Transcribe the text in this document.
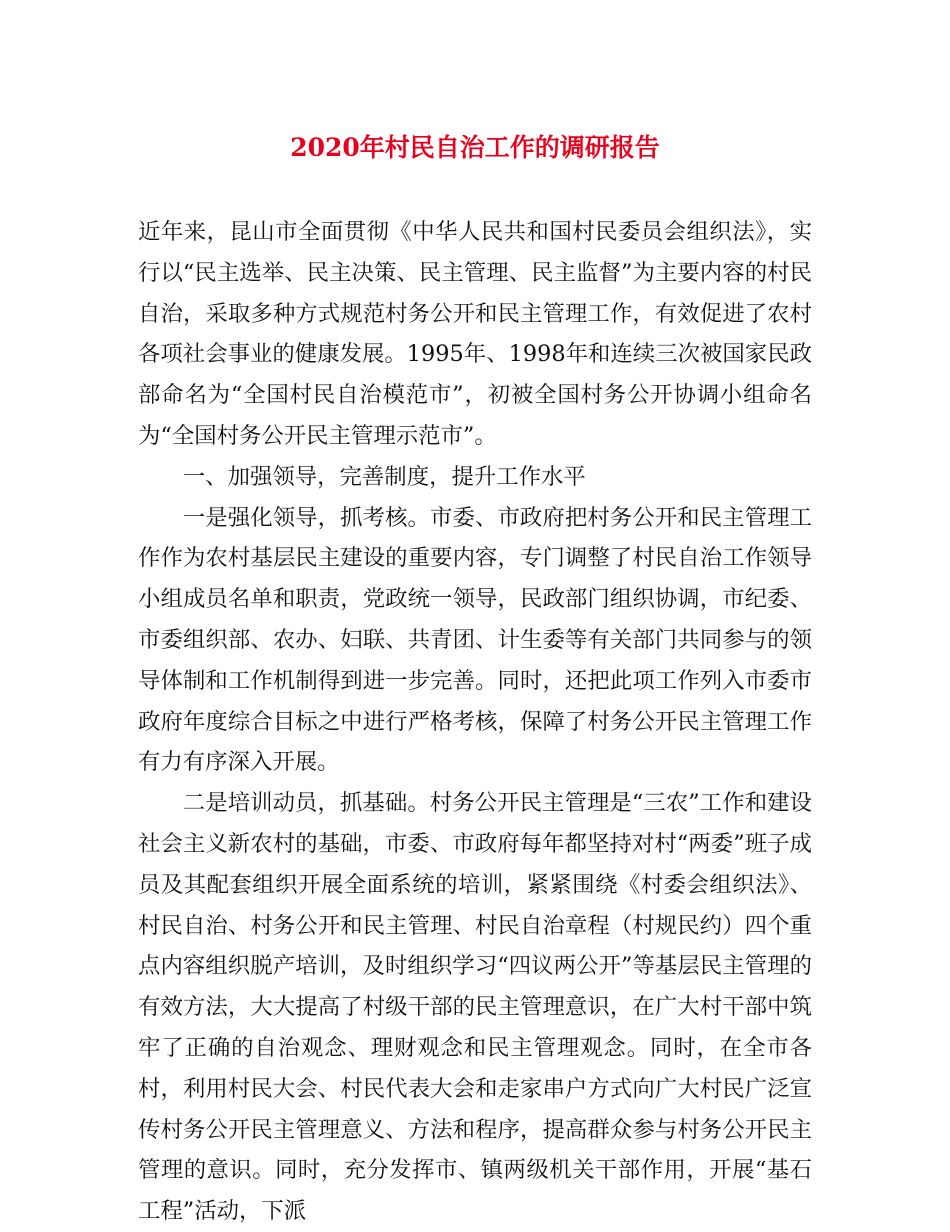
2020年村民自治工作的调研报告

近年来，昆山市全面贯彻《中华人民共和国村民委员会组织法》，实行以“民主选举、民主决策、民主管理、民主监督”为主要内容的村民自治，采取多种方式规范村务公开和民主管理工作，有效促进了农村各项社会事业的健康发展。1995年、1998年和连续三次被国家民政部命名为“全国村民自治模范市”，初被全国村务公开协调小组命名为“全国村务公开民主管理示范市”。

一、加强领导，完善制度，提升工作水平

一是强化领导，抓考核。市委、市政府把村务公开和民主管理工作作为农村基层民主建设的重要内容，专门调整了村民自治工作领导小组成员名单和职责，党政统一领导，民政部门组织协调，市纪委、市委组织部、农办、妇联、共青团、计生委等有关部门共同参与的领导体制和工作机制得到进一步完善。同时，还把此项工作列入市委市政府年度综合目标之中进行严格考核，保障了村务公开民主管理工作有力有序深入开展。

二是培训动员，抓基础。村务公开民主管理是“三农”工作和建设社会主义新农村的基础，市委、市政府每年都坚持对村“两委”班子成员及其配套组织开展全面系统的培训，紧紧围绕《村委会组织法》、村民自治、村务公开和民主管理、村民自治章程（村规民约）四个重点内容组织脱产培训，及时组织学习“四议两公开”等基层民主管理的有效方法，大大提高了村级干部的民主管理意识，在广大村干部中筑牢了正确的自治观念、理财观念和民主管理观念。同时，在全市各村，利用村民大会、村民代表大会和走家串户方式向广大村民广泛宣传村务公开民主管理意义、方法和程序，提高群众参与村务公开民主管理的意识。同时，充分发挥市、镇两级机关干部作用，开展“基石工程”活动，下派
